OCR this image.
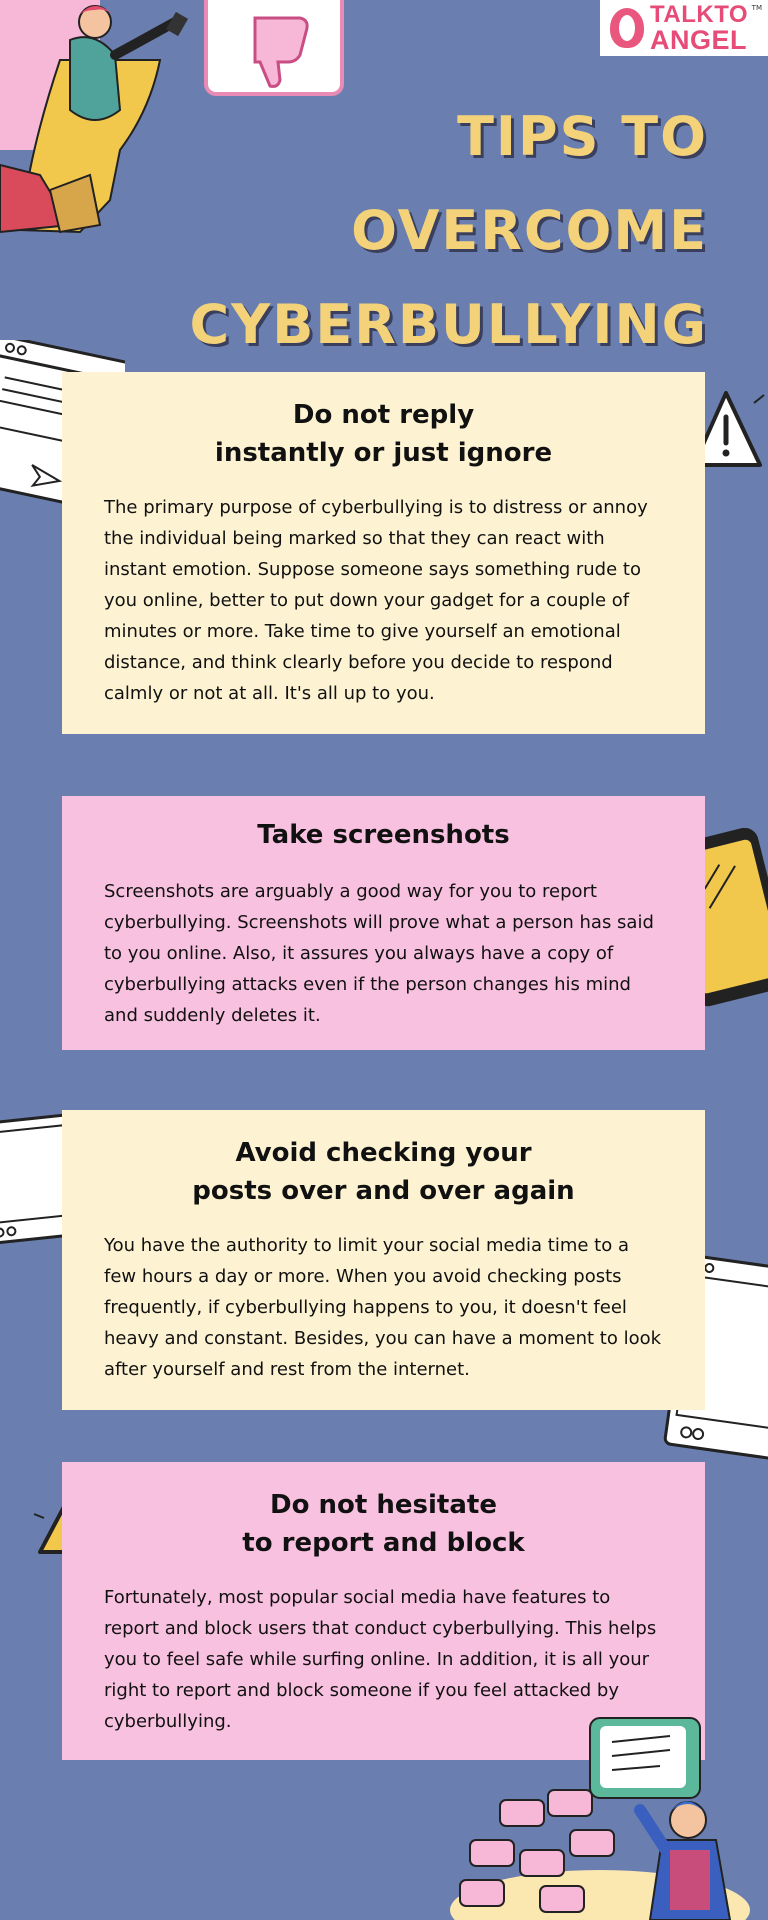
TALKTO
ANGEL
TM
TIPS TO
OVERCOME
CYBERBULLYING
Do not reply
instantly or just ignore
The primary purpose of cyberbullying is to distress or annoy the individual being marked so that they can react with instant emotion. Suppose someone says something rude to you online, better to put down your gadget for a couple of minutes or more. Take time to give yourself an emotional distance, and think clearly before you decide to respond calmly or not at all. It's all up to you.
Take screenshots
Screenshots are arguably a good way for you to report cyberbullying. Screenshots will prove what a person has said to you online. Also, it assures you always have a copy of cyberbullying attacks even if the person changes his mind and suddenly deletes it.
Avoid checking your
posts over and over again
You have the authority to limit your social media time to a few hours a day or more. When you avoid checking posts frequently, if cyberbullying happens to you, it doesn't feel heavy and constant. Besides, you can have a moment to look after yourself and rest from the internet.
Do not hesitate
to report and block
Fortunately, most popular social media have features to report and block users that conduct cyberbullying. This helps you to feel safe while surfing online. In addition, it is all your right to report and block someone if you feel attacked by cyberbullying.
